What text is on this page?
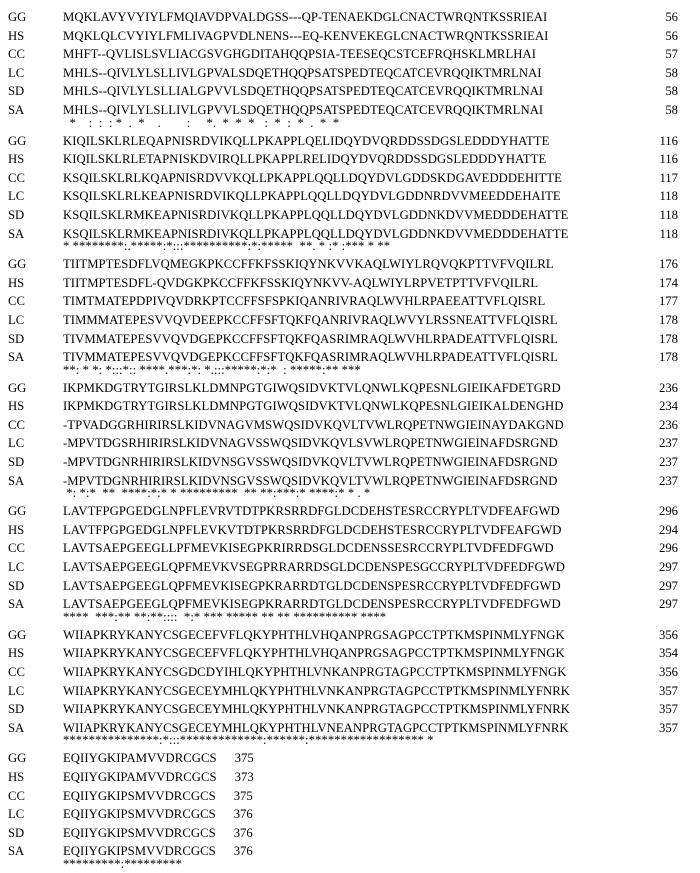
GG	MQKLAVYVYIYLFMQIAVDPVALDGSS---QP-TENAEKDGLCNACTWRQNTKSSRIEAI	56
HS	MQKLQLCVYIYLFMLIVAGPVDLNENS---EQ-KENVEKEGLCNACTWRQNTKSSRIEAI	56
CC	MHFT--QVLISLSVLIACGSVGHGDITAHQQPSIA-TEESEQCSTCEFRQHSKLMRLHAI	57
LC	MHLS--QIVLYLSLLIVLGPVALSDQETHQQPSATSPEDTEQCATCEVRQQIKTMRLNAI	58
SD	MHLS--QIVLYLSLLIALGPVVLSDQETHQQPSATSPEDTEQCATCEVRQQIKTMRLNAI	58
SA	MHLS--QIVLYLSLLIVLGPVVLSDQETHQQPSATSPEDTEQCATCEVRQQIKTMRLNAI	58
*    :  :  : *  .  *    .        :     *.  *  *  *   :  *  :  *  .  *  *
GG	KIQILSKLRLEQAPNISRDVIKQLLPKAPPLQELIDQYDVQRDDSSDGSLEDDDYHATTE	116
HS	KIQILSKLRLETAPNISKDVIRQLLPKAPPLRELIDQYDVQRDDSSDGSLEDDDYHATTE	116
CC	KSQILSKLRLKQAPNISRDVVKQLLPKAPPLQQLLDQYDVLGDDSKDGAVEDDDEHITTE	117
LC	KSQILSKLRLKEAPNISRDVIKQLLPKAPPLQQLLDQYDVLGDDNRDVVMEEDDEHAITE	118
SD	KSQILSKLRMKEAPNISRDIVKQLLPKAPPLQQLLDQYDVLGDDNKDVVMEDDDEHATTE	118
SA	KSQILSKLRMKEAPNISRDIVKQLLPKAPPLQQLLDQYDVLGDDNKDVVMEDDDEHATTE	118
* ********:.*****:*:::**********:*:*****  **. * :* :*** * **
GG	TIITMPTESDFLVQMEGKPKCCFFKFSSKIQYNKVVKAQLWIYLRQVQKPTTVFVQILRL	176
HS	TIITMPTESDFL-QVDGKPKCCFFKFSSKIQYNKVV-AQLWIYLRPVETPTTVFVQILRL	174
CC	TIMTMATEPDPIVQVDRKPTCCFFSFSPKIQANRIVRAQLWVHLRPAEEATTVFLQISRL	177
LC	TIMMMATEPESVVQVDEEPKCCFFSFTQKFQANRIVRAQLWVYLRSSNEATTVFLQISRL	178
SD	TIVMMATEPESVVQVDGEPKCCFFSFTQKFQASRIMRAQLWVHLRPADEATTVFLQISRL	178
SA	TIVMMATEPESVVQVDGEPKCCFFSFTQKFQASRIMRAQLWVHLRPADEATTVFLQISRL	178
**: * *: *:::*:: ****.***:*: *.:::*****:*:*  : *****:** ***
GG	IKPMKDGTRYTGIRSLKLDMNPGTGIWQSIDVKTVLQNWLKQPESNLGIEIKAFDETGRD	236
HS	IKPMKDGTRYTGIRSLKLDMNPGTGIWQSIDVKTVLQNWLKQPESNLGIEIKALDENGHD	234
CC	-TPVADGGRHIRIRSLKIDVNAGVMSWQSIDVKQVLTVWLRQPETNWGIEINAYDAKGND	236
LC	-MPVTDGSRHIRIRSLKIDVNAGVSSWQSIDVKQVLSVWLRQPETNWGIEINAFDSRGND	237
SD	-MPVTDGNRHIRIRSLKIDVNSGVSSWQSIDVKQVLTVWLRQPETNWGIEINAFDSRGND	237
SA	-MPVTDGNRHIRIRSLKIDVNSGVSSWQSIDVKQVLTVWLRQPETNWGIEINAFDSRGND	237
*: *:*  **  ****:*:* * *********  ** **:***:* ****:* * . *
GG	LAVTFPGPGEDGLNPFLEVRVTDTPKRSRRDFGLDCDEHSTESRCCRYPLTVDFEAFGWD	296
HS	LAVTFPGPGEDGLNPFLEVKVTDTPKRSRRDFGLDCDEHSTESRCCRYPLTVDFEAFGWD	294
CC	LAVTSAEPGEEGLLPFMEVKISEGPKRIRRDSGLDCDENSSESRCCRYPLTVDFEDFGWD	296
LC	LAVTSAEPGEEGLQPFMEVKVSEGPRRARRDSGLDCDENSPESGCCRYPLTVDFEDFGWD	297
SD	LAVTSAEPGEEGLQPFMEVKISEGPKRARRDTGLDCDENSPESRCCRYPLTVDFEDFGWD	297
SA	LAVTSAEPGEEGLQPFMEVKISEGPKRARRDTGLDCDENSPESRCCRYPLTVDFEDFGWD	297
****  ***:** **:**::::  *:* *** ***** ** ** ********** ****
GG	WIIAPKRYKANYCSGECEFVFLQKYPHTHLVHQANPRGSAGPCCTPTKMSPINMLYFNGK	356
HS	WIIAPKRYKANYCSGECEFVFLQKYPHTHLVHQANPRGSAGPCCTPTKMSPINMLYFNGK	354
CC	WIIAPKRYKANYCSGDCDYIHLQKYPHTHLVNKANPRGTAGPCCTPTKMSPINMLYFNGK	356
LC	WIIAPKRYKANYCSGECEYMHLQKYPHTHLVNKANPRGTAGPCCTPTKMSPINMLYFNRK	357
SD	WIIAPKRYKANYCSGECEYMHLQKYPHTHLVNKANPRGTAGPCCTPTKMSPINMLYFNRK	357
SA	WIIAPKRYKANYCSGECEYMHLQKYPHTHLVNEANPRGTAGPCCTPTKMSPINMLYFNRK	357
***************:*:::*************:******:****************** *
GG	EQIIYGKIPAMVVDRCGCS 375
HS	EQIIYGKIPAMVVDRCGCS 373
CC	EQIIYGKIPSMVVDRCGCS 375
LC	EQIIYGKIPSMVVDRCGCS 376
SD	EQIIYGKIPSMVVDRCGCS 376
SA	EQIIYGKIPSMVVDRCGCS 376
*********:*********
